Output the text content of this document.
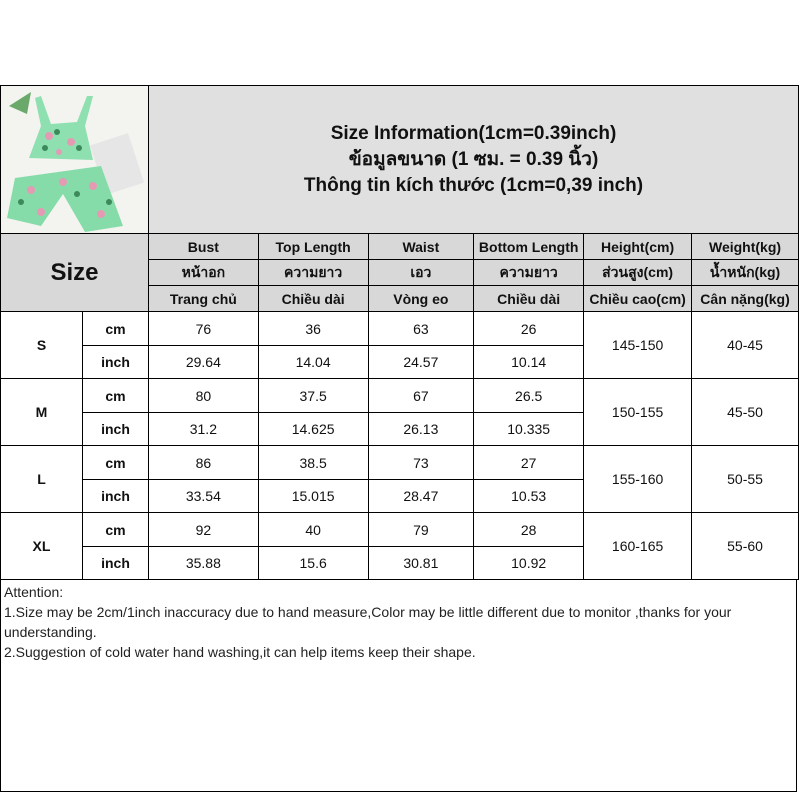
Size Information(1cm=0.39inch)
ข้อมูลขนาด (1 ซม. = 0.39 นิ้ว)
Thông tin kích thước (1cm=0,39 inch)					

Size		Bust	Top Length	Waist	Bottom Length	Height(cm)	Weight(kg)
		หน้าอก	ความยาว	เอว	ความยาว	ส่วนสูง(cm)	น้ำหนัก(kg)
		Trang chủ	Chiều dài	Vòng eo	Chiều dài	Chiều cao(cm)	Cân nặng(kg)
S	cm	76	36	63	26	145-150	40-45
	inch	29.64	14.04	24.57	10.14		
M	cm	80	37.5	67	26.5	150-155	45-50
	inch	31.2	14.625	26.13	10.335		
L	cm	86	38.5	73	27	155-160	50-55
	inch	33.54	15.015	28.47	10.53		
XL	cm	92	40	79	28	160-165	55-60
	inch	35.88	15.6	30.81	10.92		
Attention:
1.Size may be 2cm/1inch inaccuracy due to hand measure,Color may be little different due to monitor ,thanks for your understanding.
2.Suggestion of cold water hand washing,it can help items keep their shape.
